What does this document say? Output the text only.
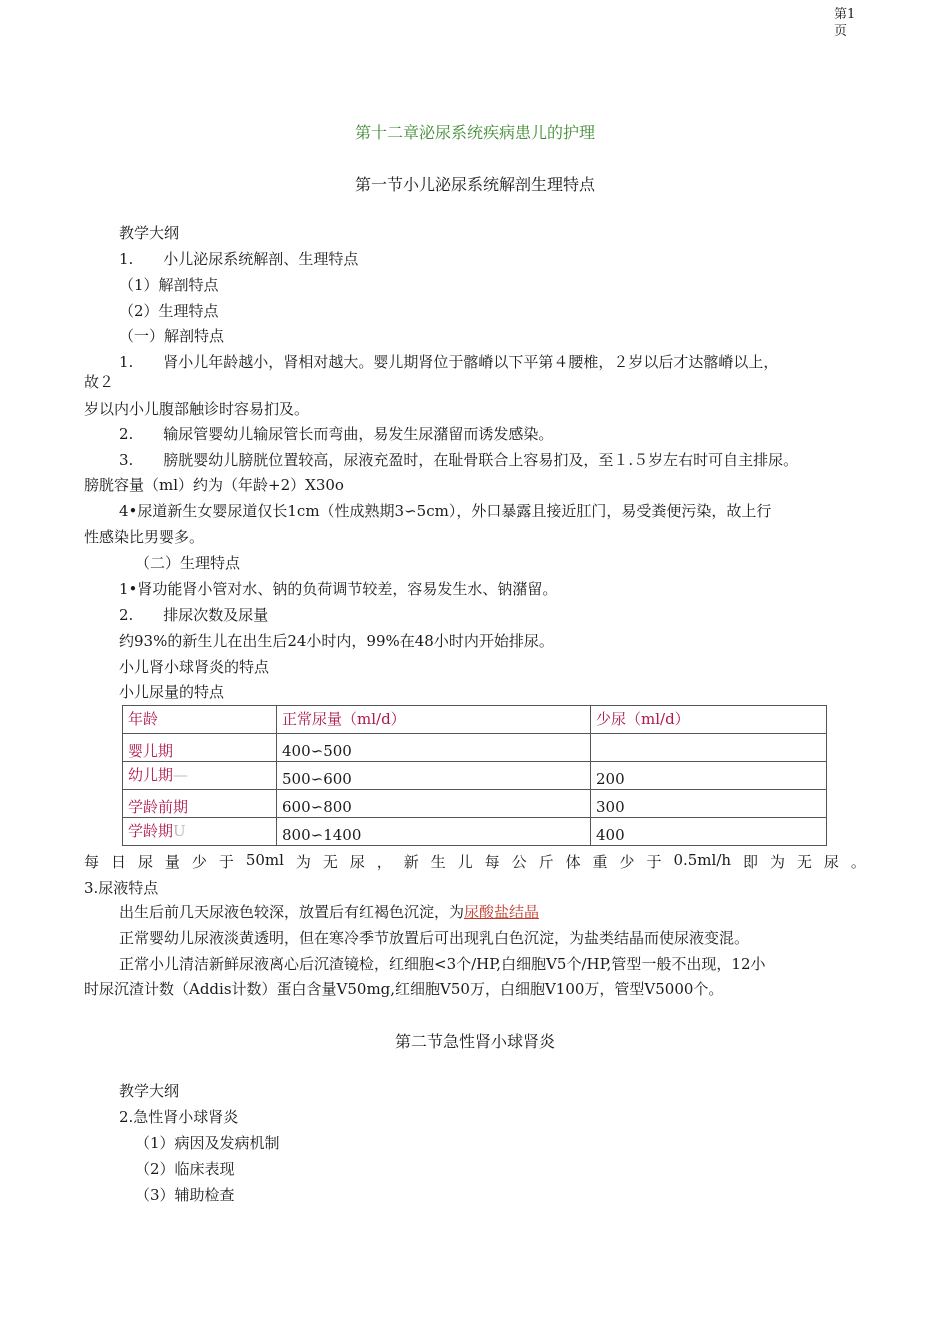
第1
页
第十二章泌尿系统疾病患儿的护理
第一节小儿泌尿系统解剖生理特点
教学大纲
1.　　小儿泌尿系统解剖、生理特点
（1）解剖特点
（2）生理特点
（一）解剖特点
1.　　肾小儿年龄越小，肾相对越大。婴儿期肾位于髂嵴以下平第４腰椎，２岁以后才达髂嵴以上，
故２
岁以内小儿腹部触诊时容易扪及。
2.　　输尿管婴幼儿输尿管长而弯曲，易发生尿潴留而诱发感染。
3.　　膀胱婴幼儿膀胱位置较高，尿液充盈时，在耻骨联合上容易扪及，至１.５岁左右时可自主排尿。
膀胱容量（ml）约为（年龄+2）X30o
4•尿道新生女婴尿道仅长1cm（性成熟期3∽5cm），外口暴露且接近肛门，易受粪便污染，故上行
性感染比男婴多。
（二）生理特点
1•肾功能肾小管对水、钠的负荷调节较差，容易发生水、钠潴留。
2.　　排尿次数及尿量
约93%的新生儿在出生后24小时内，99%在48小时内开始排尿。
小儿肾小球肾炎的特点
小儿尿量的特点
年龄	正常尿量（ml/d）	少尿（ml/d）
婴儿期	400∽500	
幼儿期—	500∽600	200
学龄前期	600∽800	300
学龄期U	800∽1400	400
每 日 尿 量 少 于 50ml 为 无 尿 ， 新 生 儿 每 公 斤 体 重 少 于 0.5ml/h 即 为 无 尿 。
3.尿液特点
出生后前几天尿液色较深，放置后有红褐色沉淀，为尿酸盐结晶
正常婴幼儿尿液淡黄透明，但在寒冷季节放置后可出现乳白色沉淀，为盐类结晶而使尿液变混。
正常小儿清洁新鲜尿液离心后沉渣镜检，红细胞<3个/HP,白细胞V5个/HP,管型一般不出现，12小
时尿沉渣计数（Addis计数）蛋白含量V50mg,红细胞V50万，白细胞V100万，管型V5000个。
第二节急性肾小球肾炎
教学大纲
2.急性肾小球肾炎
（1）病因及发病机制
（2）临床表现
（3）辅助检查
